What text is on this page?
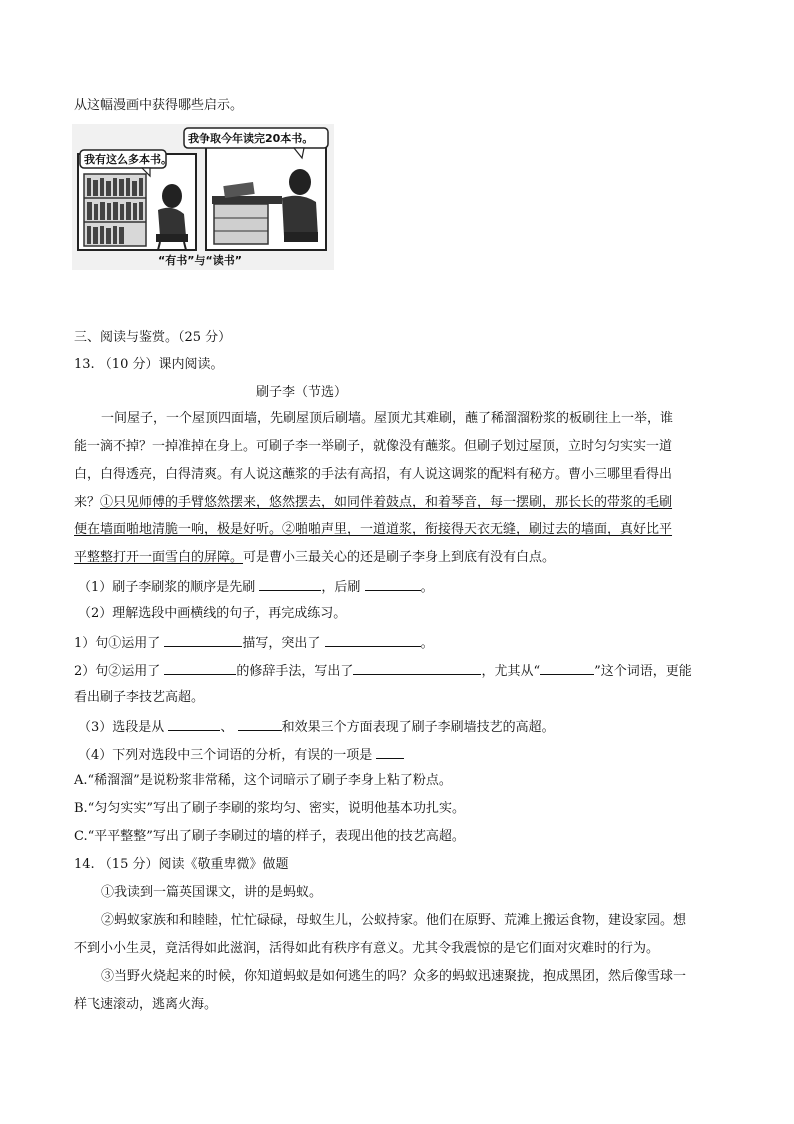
从这幅漫画中获得哪些启示。
我有这么多本书。
我争取今年读完20本书。
“有书”与“读书”
三、阅读与鉴赏。（25 分）
13. （10 分）课内阅读。
刷子李（节选）
一间屋子，一个屋顶四面墙，先刷屋顶后刷墙。屋顶尤其难刷，蘸了稀溜溜粉浆的板刷往上一举，谁
能一滴不掉？一掉准掉在身上。可刷子李一举刷子，就像没有蘸浆。但刷子划过屋顶，立时匀匀实实一道
白，白得透亮，白得清爽。有人说这蘸浆的手法有高招，有人说这调浆的配料有秘方。曹小三哪里看得出
来？①只见师傅的手臂悠然摆来，悠然摆去，如同伴着鼓点，和着琴音，每一摆刷，那长长的带浆的毛刷
便在墙面啪地清脆一响，极是好听。②啪啪声里，一道道浆，衔接得天衣无缝，刷过去的墙面，真好比平
平整整打开一面雪白的屏障。可是曹小三最关心的还是刷子李身上到底有没有白点。
（1）刷子李刷浆的顺序是先刷	，后刷	。
（2）理解选段中画横线的句子，再完成练习。
1）句①运用了	描写，突出了	。
2）句②运用了	的修辞手法，写出了	，尤其从“	”这个词语，更能
看出刷子李技艺高超。
（3）选段是从	、	和效果三个方面表现了刷子李刷墙技艺的高超。
（4）下列对选段中三个词语的分析，有误的一项是
A.“稀溜溜”是说粉浆非常稀，这个词暗示了刷子李身上粘了粉点。
B.“匀匀实实”写出了刷子李刷的浆均匀、密实，说明他基本功扎实。
C.“平平整整”写出了刷子李刷过的墙的样子，表现出他的技艺高超。
14. （15 分）阅读《敬重卑微》做题
①我读到一篇英国课文，讲的是蚂蚁。
②蚂蚁家族和和睦睦，忙忙碌碌，母蚁生儿，公蚁持家。他们在原野、荒滩上搬运食物，建设家园。想
不到小小生灵，竟活得如此滋润，活得如此有秩序有意义。尤其令我震惊的是它们面对灾难时的行为。
③当野火烧起来的时候，你知道蚂蚁是如何逃生的吗？众多的蚂蚁迅速聚拢，抱成黑团，然后像雪球一
样飞速滚动，逃离火海。
